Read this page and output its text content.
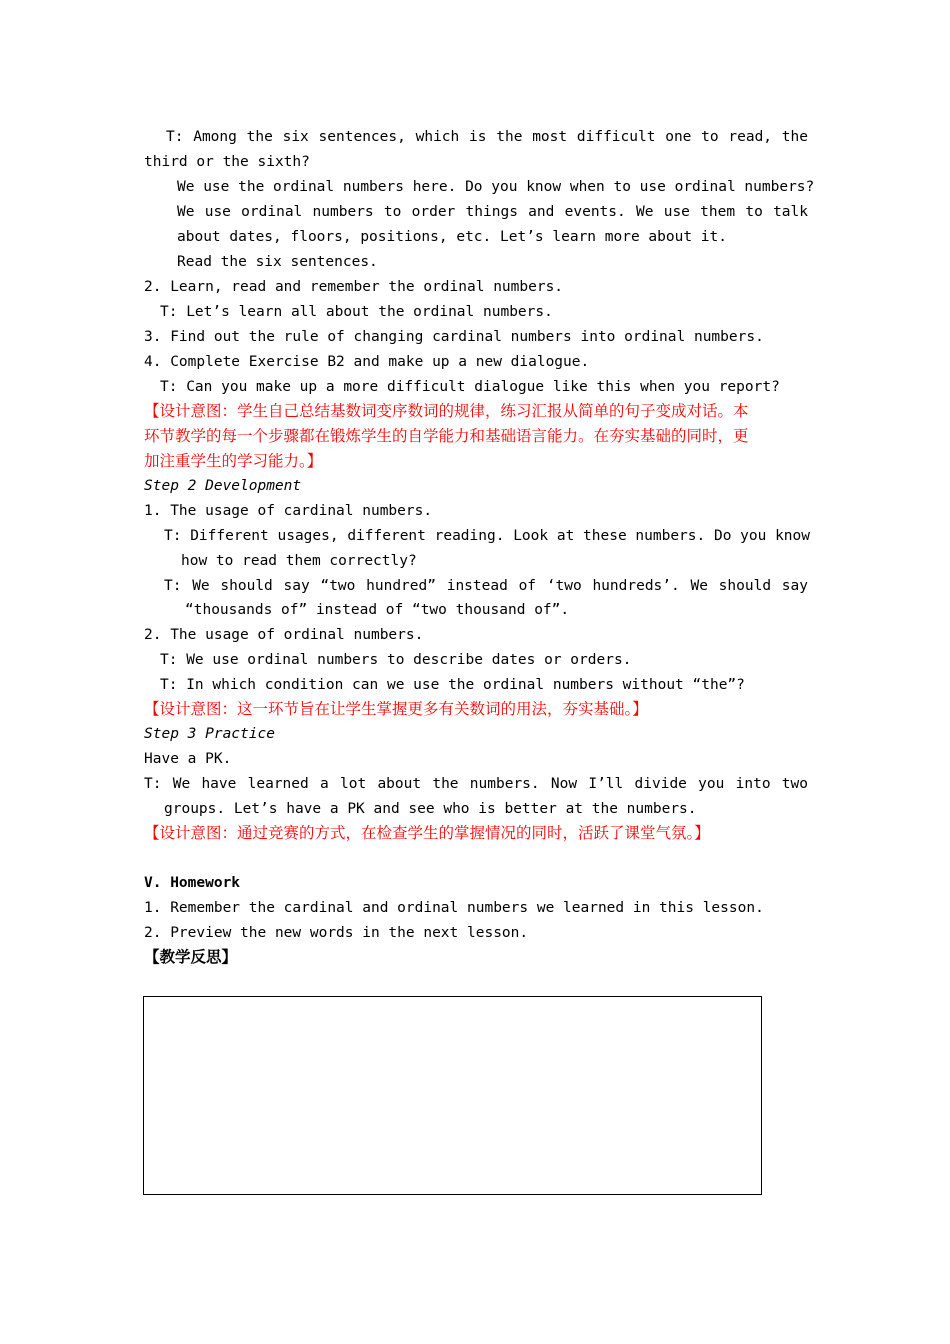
T: Among the six sentences, which is the most difficult one to read, the
third or the sixth?
We use the ordinal numbers here. Do you know when to use ordinal numbers?
We use ordinal numbers to order things and events. We use them to talk
about dates, floors, positions, etc. Let’s learn more about it.
Read the six sentences.
2. Learn, read and remember the ordinal numbers.
T: Let’s learn all about the ordinal numbers.
3. Find out the rule of changing cardinal numbers into ordinal numbers.
4. Complete Exercise B2 and make up a new dialogue.
T: Can you make up a more difficult dialogue like this when you report?
【设计意图：学生自己总结基数词变序数词的规律，练习汇报从简单的句子变成对话。本
环节教学的每一个步骤都在锻炼学生的自学能力和基础语言能力。在夯实基础的同时，更
加注重学生的学习能力。】
Step 2 Development
1. The usage of cardinal numbers.
T: Different usages, different reading. Look at these numbers. Do you know
how to read them correctly?
T: We should say “two hundred” instead of ‘two hundreds’. We should say
“thousands of” instead of “two thousand of”.
2. The usage of ordinal numbers.
T: We use ordinal numbers to describe dates or orders.
T: In which condition can we use the ordinal numbers without “the”?
【设计意图：这一环节旨在让学生掌握更多有关数词的用法，夯实基础。】
Step 3 Practice
Have a PK.
T: We have learned a lot about the numbers. Now I’ll divide you into two
groups. Let’s have a PK and see who is better at the numbers.
【设计意图：通过竞赛的方式，在检查学生的掌握情况的同时，活跃了课堂气氛。】
V. Homework
1. Remember the cardinal and ordinal numbers we learned in this lesson.
2. Preview the new words in the next lesson.
【教学反思】
